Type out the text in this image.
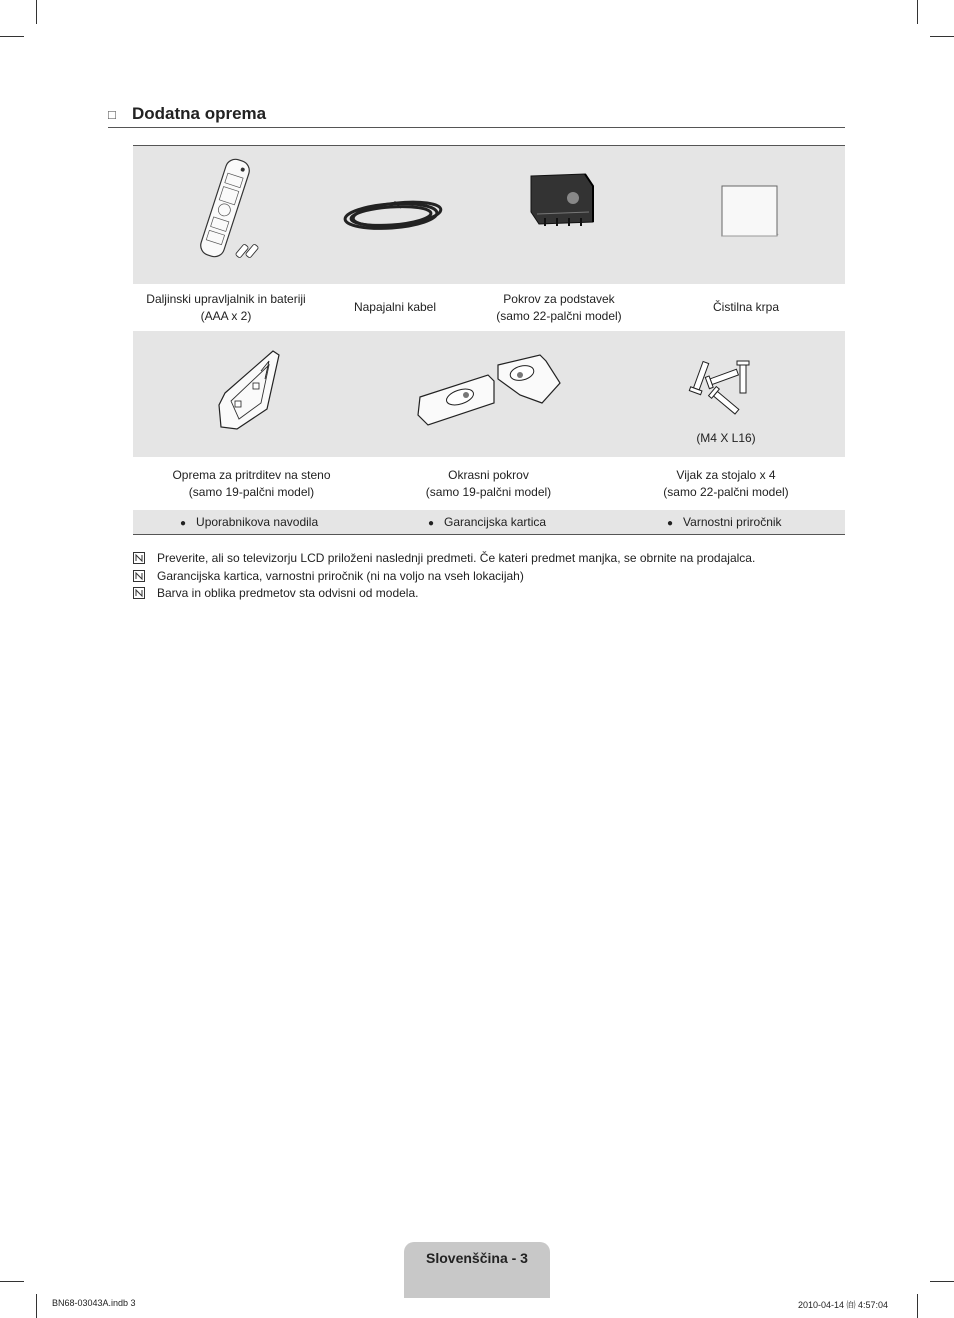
□ Dodatna oprema
Daljinski upravljalnik in bateriji
(AAA x 2)
Napajalni kabel
Pokrov za podstavek
(samo 22-palčni model)
Čistilna krpa
(M4 X L16)
Oprema za pritrditev na steno
(samo 19-palčni model)
Okrasni pokrov
(samo 19-palčni model)
Vijak za stojalo x 4
(samo 22-palčni model)
● Uporabnikova navodila	● Garancijska kartica	● Varnostni priročnik
Preverite, ali so televizorju LCD priloženi naslednji predmeti. Če kateri predmet manjka, se obrnite na prodajalca.
Garancijska kartica, varnostni priročnik (ni na voljo na vseh lokacijah)
Barva in oblika predmetov sta odvisni od modela.
Slovenščina - 3
BN68-03043A.indb 3	2010-04-14 ㉂ 4:57:04
